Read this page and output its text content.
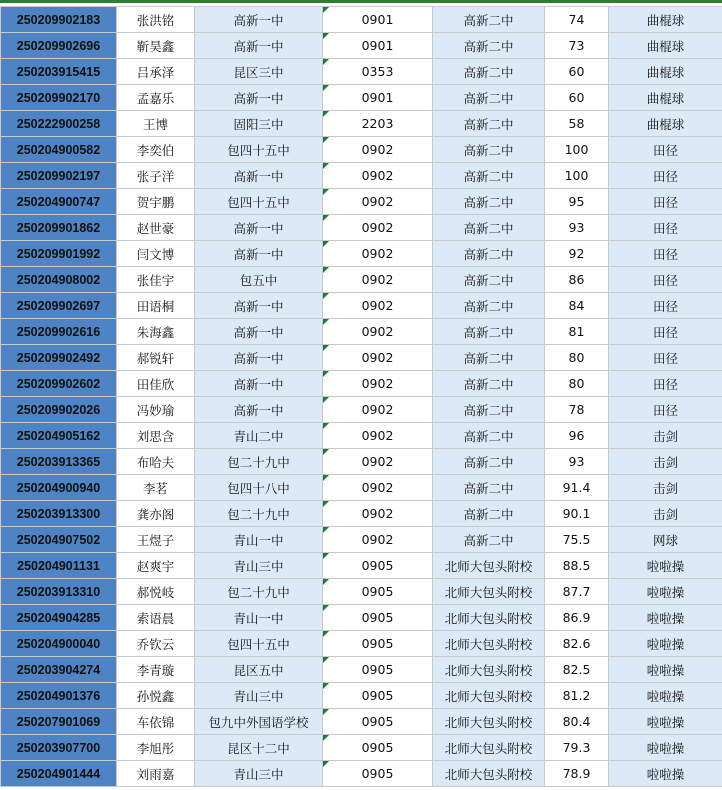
250209902183	张洪铭	高新一中	0901	高新二中	74	曲棍球
250209902696	靳昊鑫	高新一中	0901	高新二中	73	曲棍球
250203915415	吕承泽	昆区三中	0353	高新二中	60	曲棍球
250209902170	孟嘉乐	高新一中	0901	高新二中	60	曲棍球
250222900258	王博	固阳三中	2203	高新二中	58	曲棍球
250204900582	李奕伯	包四十五中	0902	高新二中	100	田径
250209902197	张子洋	高新一中	0902	高新二中	100	田径
250204900747	贺宇鹏	包四十五中	0902	高新二中	95	田径
250209901862	赵世豪	高新一中	0902	高新二中	93	田径
250209901992	闫文博	高新一中	0902	高新二中	92	田径
250204908002	张佳宇	包五中	0902	高新二中	86	田径
250209902697	田语桐	高新一中	0902	高新二中	84	田径
250209902616	朱海鑫	高新一中	0902	高新二中	81	田径
250209902492	郝锐轩	高新一中	0902	高新二中	80	田径
250209902602	田佳欣	高新一中	0902	高新二中	80	田径
250209902026	冯妙瑜	高新一中	0902	高新二中	78	田径
250204905162	刘思含	青山二中	0902	高新二中	96	击剑
250203913365	布哈夫	包二十九中	0902	高新二中	93	击剑
250204900940	李茗	包四十八中	0902	高新二中	91.4	击剑
250203913300	龚亦阁	包二十九中	0902	高新二中	90.1	击剑
250204907502	王煜子	青山一中	0902	高新二中	75.5	网球
250204901131	赵爽宇	青山三中	0905	北师大包头附校	88.5	啦啦操
250203913310	郝悦岐	包二十九中	0905	北师大包头附校	87.7	啦啦操
250204904285	索语晨	青山一中	0905	北师大包头附校	86.9	啦啦操
250204900040	乔钦云	包四十五中	0905	北师大包头附校	82.6	啦啦操
250203904274	李青璇	昆区五中	0905	北师大包头附校	82.5	啦啦操
250204901376	孙悦鑫	青山三中	0905	北师大包头附校	81.2	啦啦操
250207901069	车依锦	包九中外国语学校	0905	北师大包头附校	80.4	啦啦操
250203907700	李旭彤	昆区十二中	0905	北师大包头附校	79.3	啦啦操
250204901444	刘雨嘉	青山三中	0905	北师大包头附校	78.9	啦啦操
